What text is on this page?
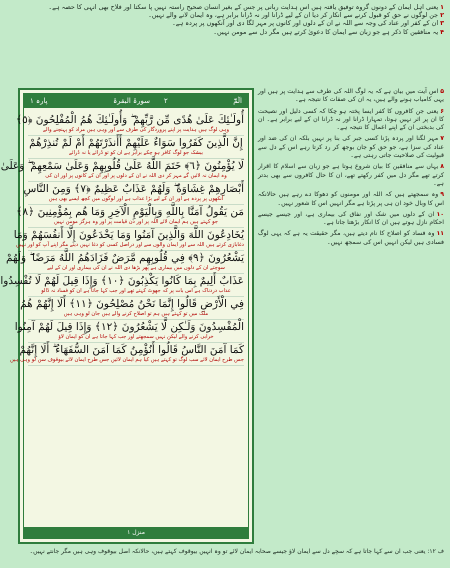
۱یعنی اہل ایمان کے دونوں گروہ توفیق یافتہ ہیں اس ہدایت ربانی پر جس کے بغیر انسان صحیح راستہ نہیں پا سکتا اور فلاح بھی انہی کا حصہ ہے۔
۲جن لوگوں نے حق کو قبول کرنے سے انکار کر دیا ان کے لیے ڈرانا اور نہ ڈرانا برابر ہے، وہ ایمان لانے والے نہیں۔
۳ان کے کفر اور عناد کی وجہ سے اللہ نے ان کے دلوں اور کانوں پر مہر لگا دی اور آنکھوں پر پردہ ہے۔
۴یہ منافقین کا ذکر ہے جو زبان سے ایمان کا دعویٰ کرتے ہیں مگر دل سے مومن نہیں۔
پارہ ۱	سورۃ البقرۃ ۲	الٓمّٓ
أُولَـٰئِكَ عَلَىٰ هُدًى مِّن رَّبِّهِمْ ۖ وَأُولَـٰئِكَ هُمُ الْمُفْلِحُونَ ﴿٥﴾
وہی لوگ ہیں ہدایت پر اپنے پروردگار کی طرف سے اور وہی ہیں مراد کو پہنچنے والے
إِنَّ الَّذِينَ كَفَرُوا سَوَاءٌ عَلَيْهِمْ أَأَنذَرْتَهُمْ أَمْ لَمْ تُنذِرْهُمْ
بیشک جو لوگ کافر ہو چکے برابر ہے ان کو تو ڈرائے یا نہ ڈرائے
لَا يُؤْمِنُونَ ﴿٦﴾ خَتَمَ اللَّهُ عَلَىٰ قُلُوبِهِمْ وَعَلَىٰ سَمْعِهِمْ ۖ وَعَلَىٰ
وہ ایمان نہ لائیں گے مہر کر دی اللہ نے ان کے دلوں پر اور ان کے کانوں پر اور ان کی
أَبْصَارِهِمْ غِشَاوَةٌ ۖ وَلَهُمْ عَذَابٌ عَظِيمٌ ﴿٧﴾ وَمِنَ النَّاسِ
آنکھوں پر پردہ ہے اور ان کے لیے بڑا عذاب ہے اور لوگوں میں کچھ ایسے بھی ہیں
مَن يَقُولُ آمَنَّا بِاللَّهِ وَبِالْيَوْمِ الْآخِرِ وَمَا هُم بِمُؤْمِنِينَ ﴿٨﴾
جو کہتے ہیں ہم ایمان لائے اللہ پر اور دن قیامت پر اور وہ ہرگز مومن نہیں
يُخَادِعُونَ اللَّهَ وَالَّذِينَ آمَنُوا وَمَا يَخْدَعُونَ إِلَّا أَنفُسَهُمْ وَمَا
دغابازی کرتے ہیں اللہ سے اور ایمان والوں سے اور دراصل کسی کو دغا نہیں دیتے مگر اپنے آپ کو اور نہیں
يَشْعُرُونَ ﴿٩﴾ فِي قُلُوبِهِم مَّرَضٌ فَزَادَهُمُ اللَّهُ مَرَضًا ۖ وَلَهُمْ
سوچتے ان کے دلوں میں بیماری ہے پھر بڑھا دی اللہ نے ان کی بیماری اور ان کے لیے
عَذَابٌ أَلِيمٌ بِمَا كَانُوا يَكْذِبُونَ ﴿١٠﴾ وَإِذَا قِيلَ لَهُمْ لَا تُفْسِدُوا
عذاب دردناک ہے اس بات پر کہ جھوٹ کہتے تھے اور جب کہا جاتا ہے ان کو فساد نہ ڈالو
فِي الْأَرْضِ قَالُوا إِنَّمَا نَحْنُ مُصْلِحُونَ ﴿١١﴾ أَلَا إِنَّهُمْ هُمُ
ملک میں تو کہتے ہیں ہم تو اصلاح کرنے والے ہیں جان لو وہی ہیں
الْمُفْسِدُونَ وَلَـٰكِن لَّا يَشْعُرُونَ ﴿١٢﴾ وَإِذَا قِيلَ لَهُمْ آمِنُوا
خرابی کرنے والے لیکن نہیں سمجھتے اور جب کہا جاتا ہے ان کو ایمان لاؤ
كَمَا آمَنَ النَّاسُ قَالُوا أَنُؤْمِنُ كَمَا آمَنَ السُّفَهَاءُ ۗ أَلَا إِنَّهُمْ
جس طرح ایمان لائے سب لوگ تو کہتے ہیں کیا ہم ایمان لائیں جس طرح ایمان لائے بیوقوف سن لو وہی ہیں
منزل ۱

۵اس آیت میں بیان ہے کہ یہ لوگ اللہ کی طرف سے ہدایت پر ہیں اور یہی کامیاب ہونے والے ہیں، یہ ان کی صفات کا نتیجہ ہے۔

۶یعنی جن کافروں کا کفر ایسا پختہ ہو چکا کہ کسی دلیل اور نصیحت کا ان پر اثر نہیں ہوتا، تمہارا ڈرانا اور نہ ڈرانا ان کے لیے برابر ہے۔ ان کی بدبختی ان کے اپنے اعمال کا نتیجہ ہے۔

۷مہر لگنا اور پردہ پڑنا کسی جبر کی بنا پر نہیں بلکہ ان کی ضد اور عناد کی سزا ہے، جو حق کو جان بوجھ کر رد کرتا رہے اس کے دل سے قبولیت کی صلاحیت جاتی رہتی ہے۔

۸یہاں سے منافقین کا بیان شروع ہوتا ہے جو زبان سے اسلام کا اقرار کرتے تھے مگر دل میں کفر رکھتے تھے، ان کا حال کافروں سے بھی بدتر ہے۔

۹وہ سمجھتے ہیں کہ اللہ اور مومنوں کو دھوکا دے رہے ہیں حالانکہ اس کا وبال خود ان ہی پر پڑتا ہے مگر انہیں اس کا شعور نہیں۔

۱۰ان کے دلوں میں شک اور نفاق کی بیماری ہے، اور جیسے جیسے احکام نازل ہوتے ہیں ان کا انکار بڑھتا جاتا ہے۔

۱۱وہ فساد کو اصلاح کا نام دیتے ہیں، مگر حقیقت یہ ہے کہ یہی لوگ فسادی ہیں لیکن انہیں اس کی سمجھ نہیں۔

ف ۱۲: یعنی جب ان سے کہا جاتا ہے کہ سچے دل سے ایمان لاؤ جیسے صحابہ ایمان لائے تو وہ انہیں بیوقوف کہتے ہیں، حالانکہ اصل بیوقوف وہی ہیں مگر جانتے نہیں۔
